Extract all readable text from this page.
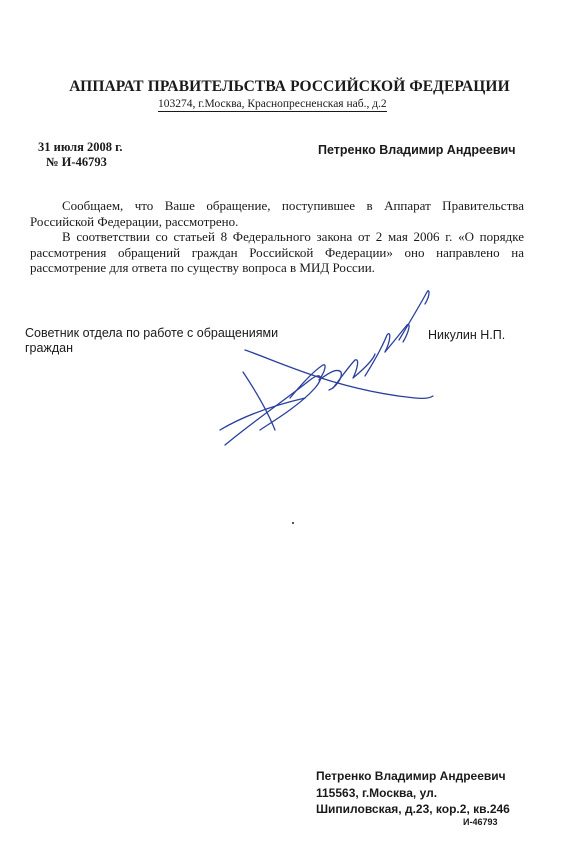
АППАРАТ ПРАВИТЕЛЬСТВА РОССИЙСКОЙ ФЕДЕРАЦИИ
103274, г.Москва, Краснопресненская наб., д.2
31 июля 2008 г.
№ И-46793
Петренко Владимир Андреевич

Сообщаем, что Ваше обращение, поступившее в Аппарат Правительства Российской Федерации, рассмотрено.

В соответствии со статьей 8 Федерального закона от 2 мая 2006 г. «О порядке рассмотрения обращений граждан Российской Федерации» оно направлено на рассмотрение для ответа по существу вопроса в МИД России.

Советник отдела по работе с обращениями граждан
Никулин Н.П.
Петренко Владимир Андреевич
115563, г.Москва, ул.
Шипиловская, д.23, кор.2, кв.246
И-46793
